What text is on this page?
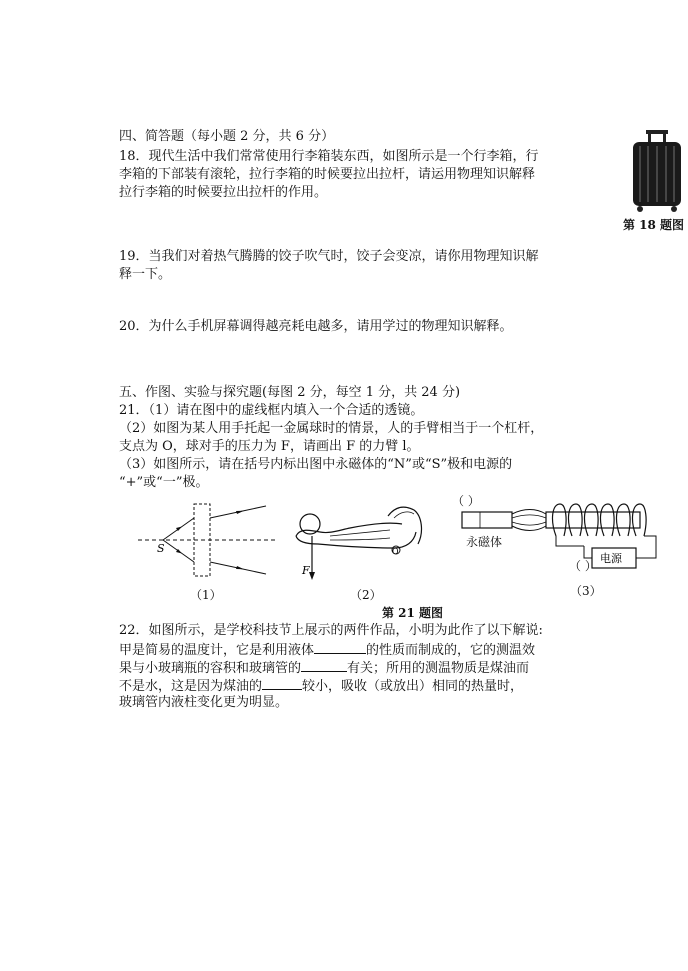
四、简答题（每小题 2 分，共 6 分）
18．现代生活中我们常常使用行李箱装东西，如图所示是一个行李箱，行
李箱的下部装有滚轮，拉行李箱的时候要拉出拉杆，请运用物理知识解释
拉行李箱的时候要拉出拉杆的作用。
第 18 题图
19．当我们对着热气腾腾的饺子吹气时，饺子会变凉，请你用物理知识解
释一下。
20．为什么手机屏幕调得越亮耗电越多，请用学过的物理知识解释。
五、作图、实验与探究题(每图 2 分，每空 1 分，共 24 分)
21．（1）请在图中的虚线框内填入一个合适的透镜。
（2）如图为某人用手托起一金属球时的情景，人的手臂相当于一个杠杆，
支点为 O，球对手的压力为 F，请画出 F 的力臂 l。
（3）如图所示，请在括号内标出图中永磁体的“N”或“S”极和电源的
“+”或“一”极。
S
（1）
O
F
（2）
（ ）
电源
永磁体
（ ）
（3）
第 21 题图
22．如图所示，是学校科技节上展示的两件作品，小明为此作了以下解说:
甲是简易的温度计，它是利用液体	的性质而制成的，它的测温效
果与小玻璃瓶的容积和玻璃管的	有关；所用的测温物质是煤油而
不是水，这是因为煤油的	较小，吸收（或放出）相同的热量时，
玻璃管内液柱变化更为明显。
